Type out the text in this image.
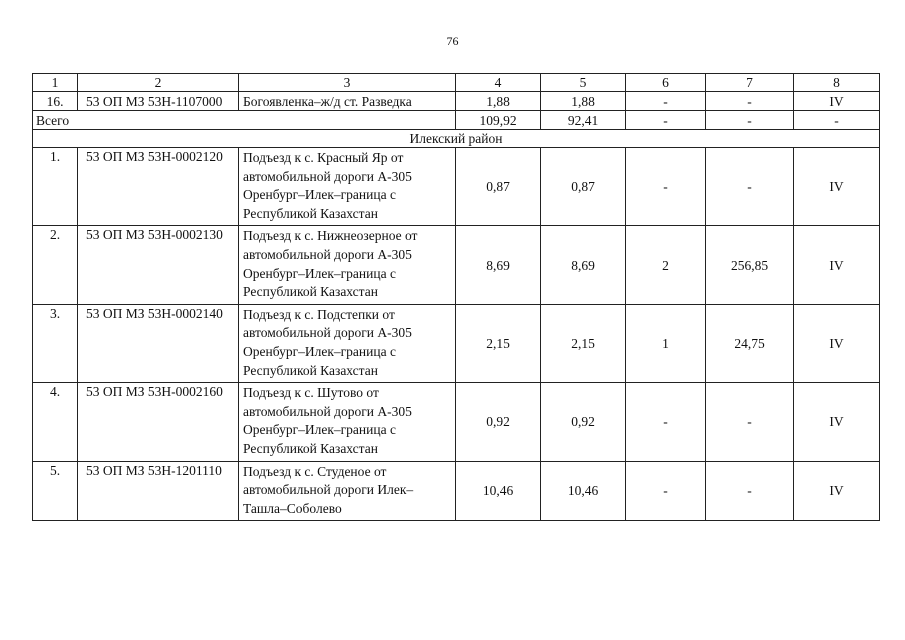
76
1	2	3	4	5	6	7	8
16.	53 ОП МЗ 53Н-1107000	Богоявленка–ж/д ст. Разведка	1,88	1,88	-	-	IV
Всего			109,92	92,41	-	-	-
Илекский район							
1.	53 ОП МЗ 53Н-0002120	Подъезд к с. Красный Яр от
автомобильной дороги А-305
Оренбург–Илек–граница с
Республикой Казахстан	0,87	0,87	-	-	IV
2.	53 ОП МЗ 53Н-0002130	Подъезд к с. Нижнеозерное от
автомобильной дороги А-305
Оренбург–Илек–граница с
Республикой Казахстан	8,69	8,69	2	256,85	IV
3.	53 ОП МЗ 53Н-0002140	Подъезд к с. Подстепки от
автомобильной дороги А-305
Оренбург–Илек–граница с
Республикой Казахстан	2,15	2,15	1	24,75	IV
4.	53 ОП МЗ 53Н-0002160	Подъезд к с. Шутово от
автомобильной дороги А-305
Оренбург–Илек–граница с
Республикой Казахстан	0,92	0,92	-	-	IV
5.	53 ОП МЗ 53Н-1201110	Подъезд к с. Студеное от
автомобильной дороги Илек–
Ташла–Соболево	10,46	10,46	-	-	IV
